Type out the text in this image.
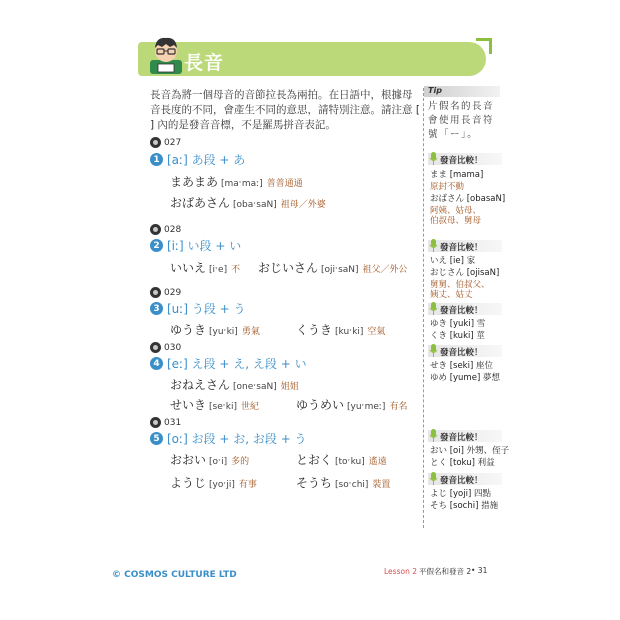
長音
長音為將一個母音的音節拉長為兩拍。在日語中，根據母音長度的不同，會產生不同的意思，請特別注意。請注意 [ ] 內的是發音音標，不是羅馬拼音表記。
027
1 [aː] あ段 + あ
まあまあ [maˑmaː] 普普通通
おばあさん [obaˑsaN] 祖母／外婆
028
2 [iː] い段 + い
いいえ [iˑe] 不 おじいさん [ojiˑsaN] 祖父／外公
029
3 [uː] う段 + う
ゆうき [yuˑki] 勇氣	くうき [kuˑki] 空氣
030
4 [eː] え段 + え, え段 + い
おねえさん [oneˑsaN] 姐姐
せいき [seˑki] 世紀	ゆうめい [yuˑmeː] 有名
031
5 [oː] お段 + お, お段 + う
おおい [oˑi] 多的	とおく [toˑku] 遙遠
ようじ [yoˑji] 有事	そうち [soˑchi] 裝置
Tip
片假名的長音會使用長音符號「ー」。
發音比較！
まま [mama]
原封不動
おばさん [obasaN]
阿姨、姑母、
伯叔母、舅母
發音比較！
いえ [ie] 家
おじさん [ojisaN]
舅舅、伯叔父、
姨丈、姑丈
發音比較！
ゆき [yuki] 雪
くき [kuki] 莖
發音比較！
せき [seki] 座位
ゆめ [yume] 夢想
發音比較！
おい [oi] 外甥、侄子
とく [toku] 利益
發音比較！
よじ [yoji] 四點
そち [sochi] 措施
© COSMOS CULTURE LTD	Lesson 2 平假名和發音 2 • 31
